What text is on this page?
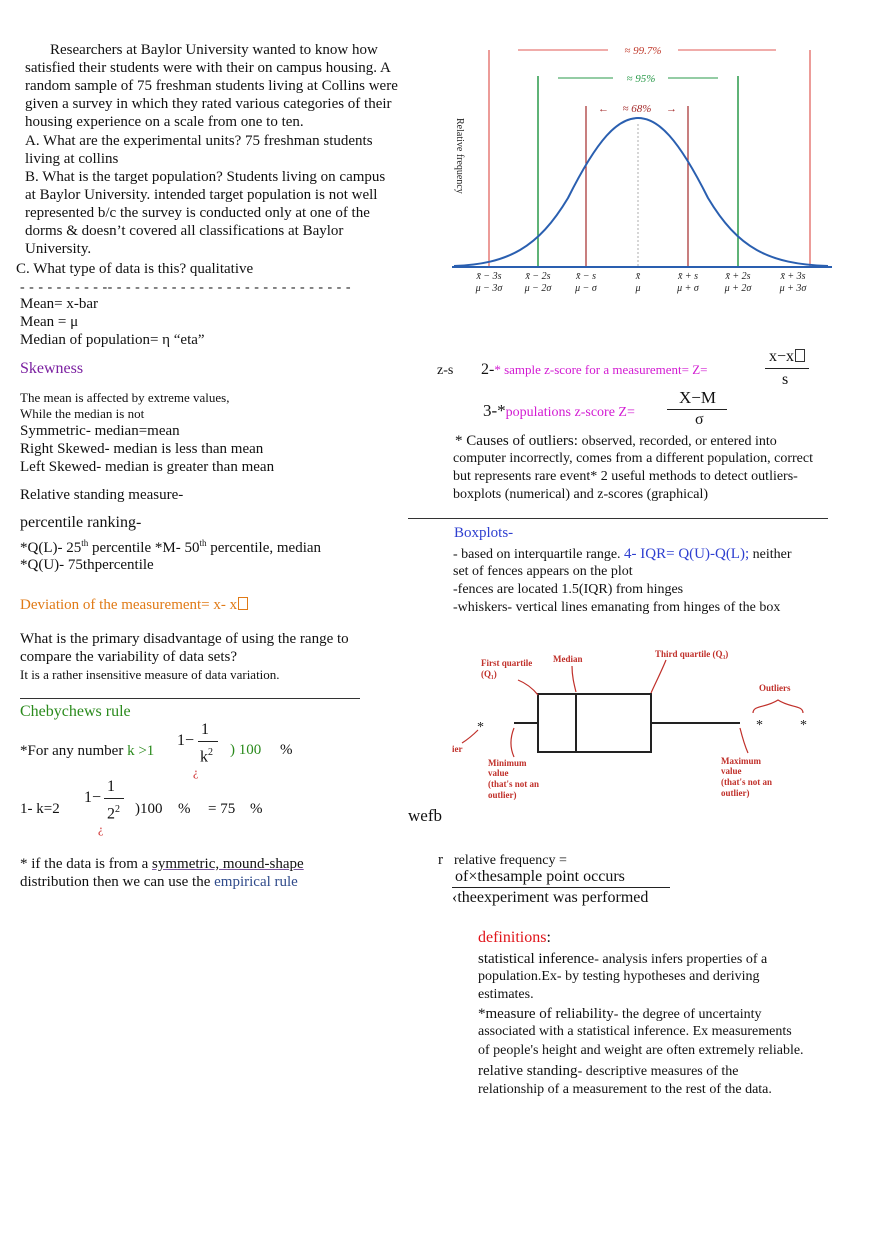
Researchers at Baylor University wanted to know how
satisfied their students were with their on campus housing. A
random sample of 75 freshman students living at Collins were
given a survey in which they rated various categories of their
housing experience on a scale from one to ten.
A. What are the experimental units? 75 freshman students
living at collins
B. What is the target population? Students living on campus
at Baylor University. intended target population is not well
represented b/c the survey is conducted only at one of the
dorms & doesn’t covered all classifications at Baylor
University.
C. What type of data is this? qualitative
- - - - - - - - - -- - - - - - - - - - - - - - - - - - - - - - - - - - -
Mean= x-bar
Mean = μ
Median of population= η “eta”
Skewness
The mean is affected by extreme values,
While the median is not
Symmetric- median=mean
Right Skewed- median is less than mean
Left Skewed- median is greater than mean
Relative standing measure-
percentile ranking-
*Q(L)- 25th percentile *M- 50th percentile, median
*Q(U)- 75thpercentile
Deviation of the measurement= x- x
What is the primary disadvantage of using the range to
compare the variability of data sets?
It is a rather insensitive measure of data variation.
Chebychews rule
*For any number k >1
1−
1
$k^2$ ) 100 %
¿
1- k=2
1−
1
$2^2$ )100 % = 75 %
¿
* if the data is from a symmetric, mound-shape
distribution then we can use the empirical rule
≈ 99.7%
≈ 95%
← ≈ 68% →
Relative frequency
x̄ − 3s x̄ − 2s	x̄ − s	x̄	x̄ + s	x̄ + 2s	x̄ + 3s
μ − 3σ μ − 2σ μ − σ	μ	μ + σ	μ + 2σ	μ + 3σ
z-s 2-* sample z-score for a measurement= Z=
x−x
s
3-*populations z-score Z=
X−M
σ
* Causes of outliers: observed, recorded, or entered into
computer incorrectly, comes from a different population, correct
but represents rare event* 2 useful methods to detect outliers-
boxplots (numerical) and z-scores (graphical)
Boxplots-
- based on interquartile range. 4- IQR= Q(U)-Q(L); neither
set of fences appears on the plot
-fences are located 1.5(IQR) from hinges
-whiskers- vertical lines emanating from hinges of the box
First quartile
(Q₁)
Median	Third quartile (Q₃)
Outliers
ier
Minimum
value
(that's not an
outlier)
Maximum
value
(that's not an
outlier)
*	*	*
wefb
r relative frequency =
of×thesample point occurs
‹theexperiment was performed
definitions:
statistical inference- analysis infers properties of a
population.Ex- by testing hypotheses and deriving
estimates.
*measure of reliability- the degree of uncertainty
associated with a statistical inference. Ex measurements
of people's height and weight are often extremely reliable.
relative standing- descriptive measures of the
relationship of a measurement to the rest of the data.
